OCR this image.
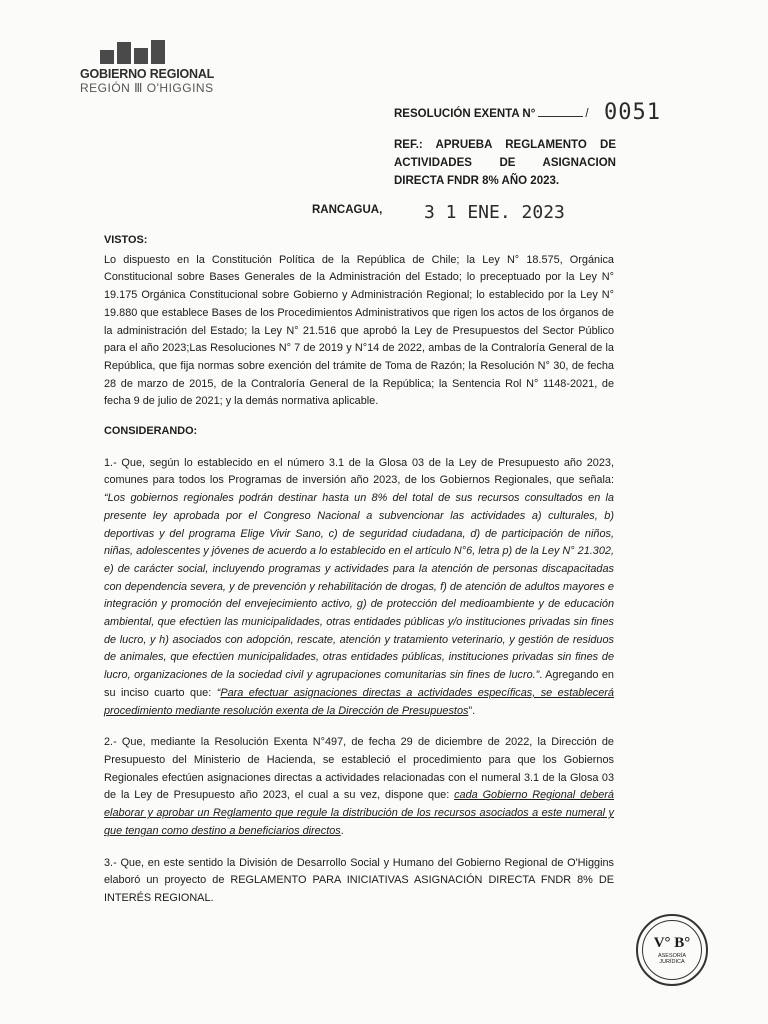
GOBIERNO REGIONAL
REGIÓN Ⅲ O'HIGGINS
RESOLUCIÓN EXENTA N°	/ 0051
REF.: APRUEBA REGLAMENTO DE
ACTIVIDADES DE ASIGNACION
DIRECTA FNDR 8% AÑO 2023.
RANCAGUA, 3 1 ENE. 2023
VISTOS:

Lo dispuesto en la Constitución Política de la República de Chile; la Ley N° 18.575, Orgánica Constitucional sobre Bases Generales de la Administración del Estado; lo preceptuado por la Ley N° 19.175 Orgánica Constitucional sobre Gobierno y Administración Regional; lo establecido por la Ley N° 19.880 que establece Bases de los Procedimientos Administrativos que rigen los actos de los órganos de la administración del Estado; la Ley N° 21.516 que aprobó la Ley de Presupuestos del Sector Público para el año 2023;Las Resoluciones N° 7 de 2019 y N°14 de 2022, ambas de la Contraloría General de la República, que fija normas sobre exención del trámite de Toma de Razón; la Resolución N° 30, de fecha 28 de marzo de 2015, de la Contraloría General de la República; la Sentencia Rol N° 1148-2021, de fecha 9 de julio de 2021; y la demás normativa aplicable.

CONSIDERANDO:

1.- Que, según lo establecido en el número 3.1 de la Glosa 03 de la Ley de Presupuesto año 2023, comunes para todos los Programas de inversión año 2023, de los Gobiernos Regionales, que señala: “Los gobiernos regionales podrán destinar hasta un 8% del total de sus recursos consultados en la presente ley aprobada por el Congreso Nacional a subvencionar las actividades a) culturales, b) deportivas y del programa Elige Vivir Sano, c) de seguridad ciudadana, d) de participación de niños, niñas, adolescentes y jóvenes de acuerdo a lo establecido en el artículo N°6, letra p) de la Ley N° 21.302, e) de carácter social, incluyendo programas y actividades para la atención de personas discapacitadas con dependencia severa, y de prevención y rehabilitación de drogas, f) de atención de adultos mayores e integración y promoción del envejecimiento activo, g) de protección del medioambiente y de educación ambiental, que efectúen las municipalidades, otras entidades públicas y/o instituciones privadas sin fines de lucro, y h) asociados con adopción, rescate, atención y tratamiento veterinario, y gestión de residuos de animales, que efectúen municipalidades, otras entidades públicas, instituciones privadas sin fines de lucro, organizaciones de la sociedad civil y agrupaciones comunitarias sin fines de lucro.”. Agregando en su inciso cuarto que: “Para efectuar asignaciones directas a actividades específicas, se establecerá procedimiento mediante resolución exenta de la Dirección de Presupuestos”.

2.- Que, mediante la Resolución Exenta N°497, de fecha 29 de diciembre de 2022, la Dirección de Presupuesto del Ministerio de Hacienda, se estableció el procedimiento para que los Gobiernos Regionales efectúen asignaciones directas a actividades relacionadas con el numeral 3.1 de la Glosa 03 de la Ley de Presupuesto año 2023, el cual a su vez, dispone que: cada Gobierno Regional deberá elaborar y aprobar un Reglamento que regule la distribución de los recursos asociados a este numeral y que tengan como destino a beneficiarios directos.

3.- Que, en este sentido la División de Desarrollo Social y Humano del Gobierno Regional de O'Higgins elaboró un proyecto de REGLAMENTO PARA INICIATIVAS ASIGNACIÓN DIRECTA FNDR 8% DE INTERÉS REGIONAL.

V° B°
ASESORÍA JURÍDICA
